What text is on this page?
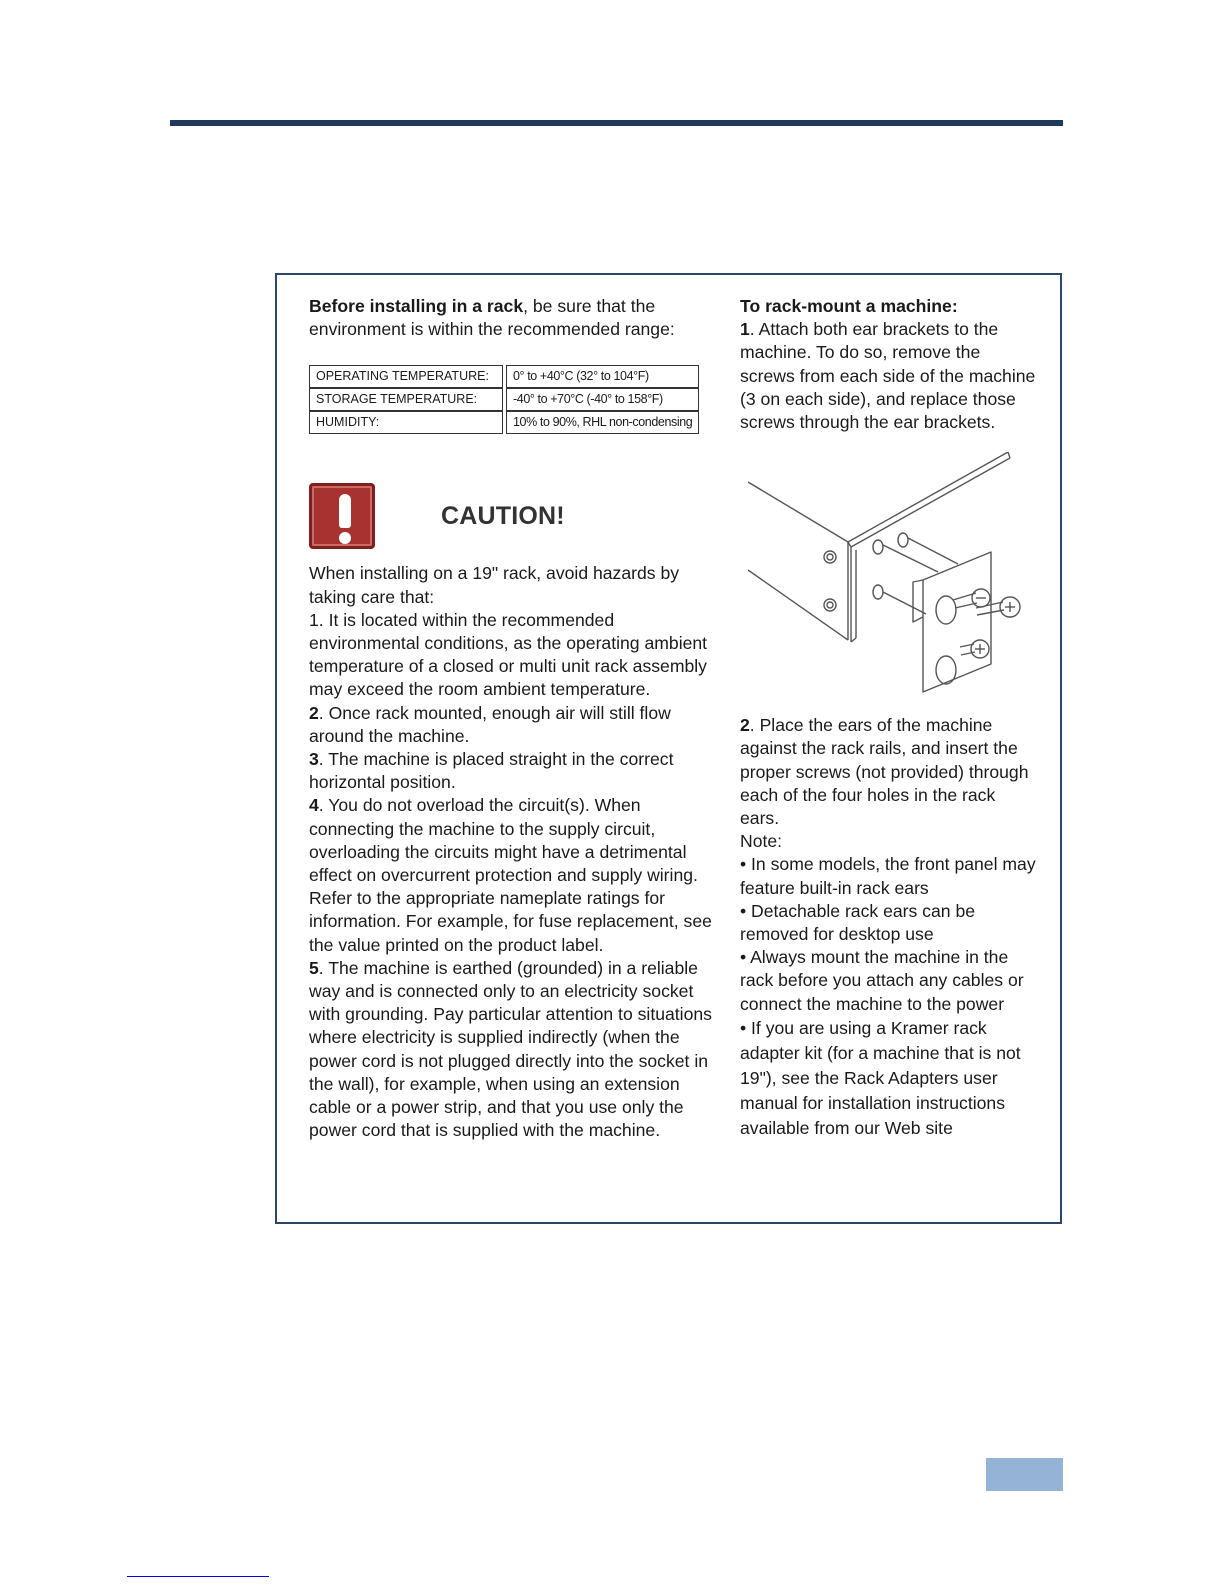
Before installing in a rack, be sure that the environment is within the recommended range:

OPERATING TEMPERATURE:	0° to +40°C (32° to 104°F)
STORAGE TEMPERATURE:	-40° to +70°C (-40° to 158°F)
HUMIDITY:	10% to 90%, RHL non-condensing
CAUTION!

When installing on a 19" rack, avoid hazards by taking care that:

1. It is located within the recommended environmental conditions, as the operating ambient temperature of a closed or multi unit rack assembly may exceed the room ambient temperature.

2. Once rack mounted, enough air will still flow around the machine.

3. The machine is placed straight in the correct horizontal position.

4. You do not overload the circuit(s). When connecting the machine to the supply circuit, overloading the circuits might have a detrimental effect on overcurrent protection and supply wiring. Refer to the appropriate nameplate ratings for information. For example, for fuse replacement, see the value printed on the product label.

5. The machine is earthed (grounded) in a reliable way and is connected only to an electricity socket with grounding. Pay particular attention to situations where electricity is supplied indirectly (when the power cord is not plugged directly into the socket in the wall), for example, when using an extension cable or a power strip, and that you use only the power cord that is supplied with the machine.

To rack-mount a machine:

1. Attach both ear brackets to the machine. To do so, remove the screws from each side of the machine (3 on each side), and replace those screws through the ear brackets.

2. Place the ears of the machine against the rack rails, and insert the proper screws (not provided) through each of the four holes in the rack ears.

Note:

• In some models, the front panel may feature built-in rack ears

• Detachable rack ears can be removed for desktop use

• Always mount the machine in the rack before you attach any cables or connect the machine to the power

• If you are using a Kramer rack adapter kit (for a machine that is not 19"), see the Rack Adapters user manual for installation instructions available from our Web site
